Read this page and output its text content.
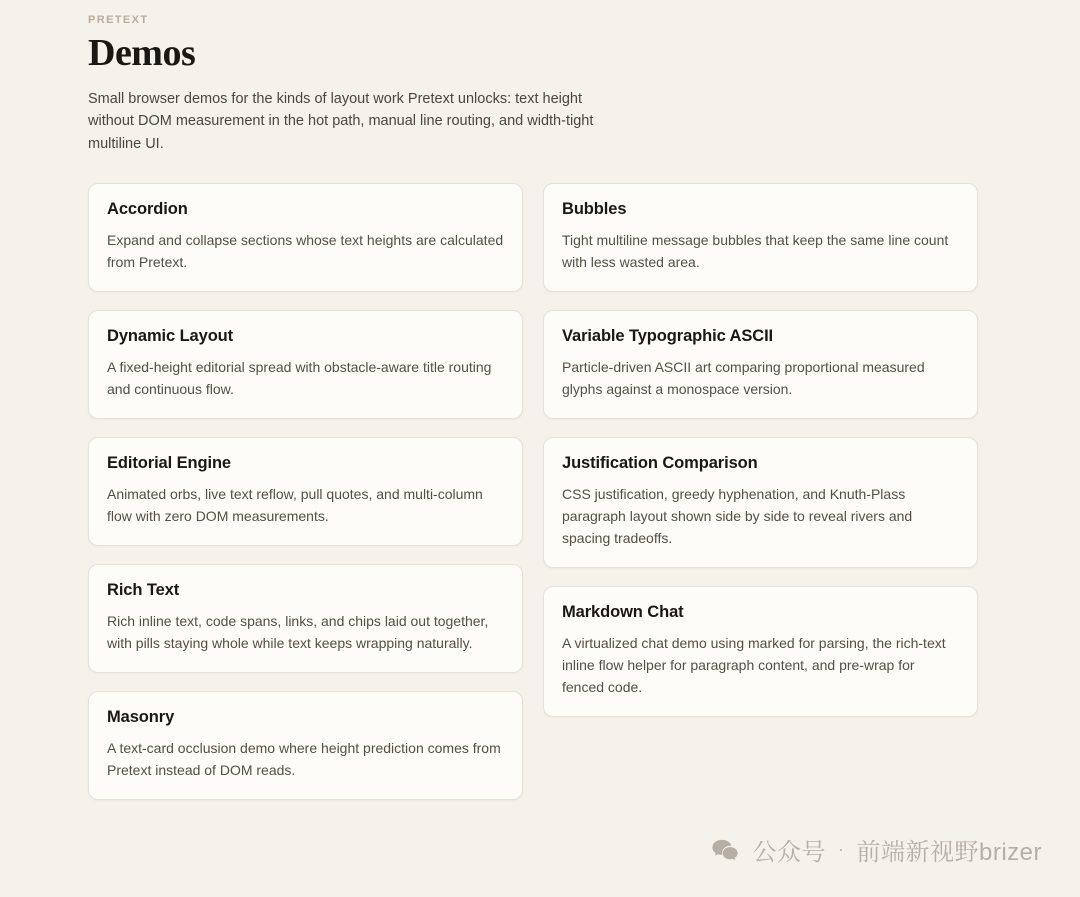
PRETEXT
Demos

Small browser demos for the kinds of layout work Pretext unlocks: text height without DOM measurement in the hot path, manual line routing, and width-tight multiline UI.

Accordion

Expand and collapse sections whose text heights are calculated from Pretext.

Dynamic Layout

A fixed-height editorial spread with obstacle-aware title routing and continuous flow.

Editorial Engine

Animated orbs, live text reflow, pull quotes, and multi-column flow with zero DOM measurements.

Rich Text

Rich inline text, code spans, links, and chips laid out together, with pills staying whole while text keeps wrapping naturally.

Masonry

A text-card occlusion demo where height prediction comes from Pretext instead of DOM reads.

Bubbles

Tight multiline message bubbles that keep the same line count with less wasted area.

Variable Typographic ASCII

Particle-driven ASCII art comparing proportional measured glyphs against a monospace version.

Justification Comparison

CSS justification, greedy hyphenation, and Knuth-Plass paragraph layout shown side by side to reveal rivers and spacing tradeoffs.

Markdown Chat

A virtualized chat demo using marked for parsing, the rich-text inline flow helper for paragraph content, and pre-wrap for fenced code.

公众号 · 前端新视野brizer
